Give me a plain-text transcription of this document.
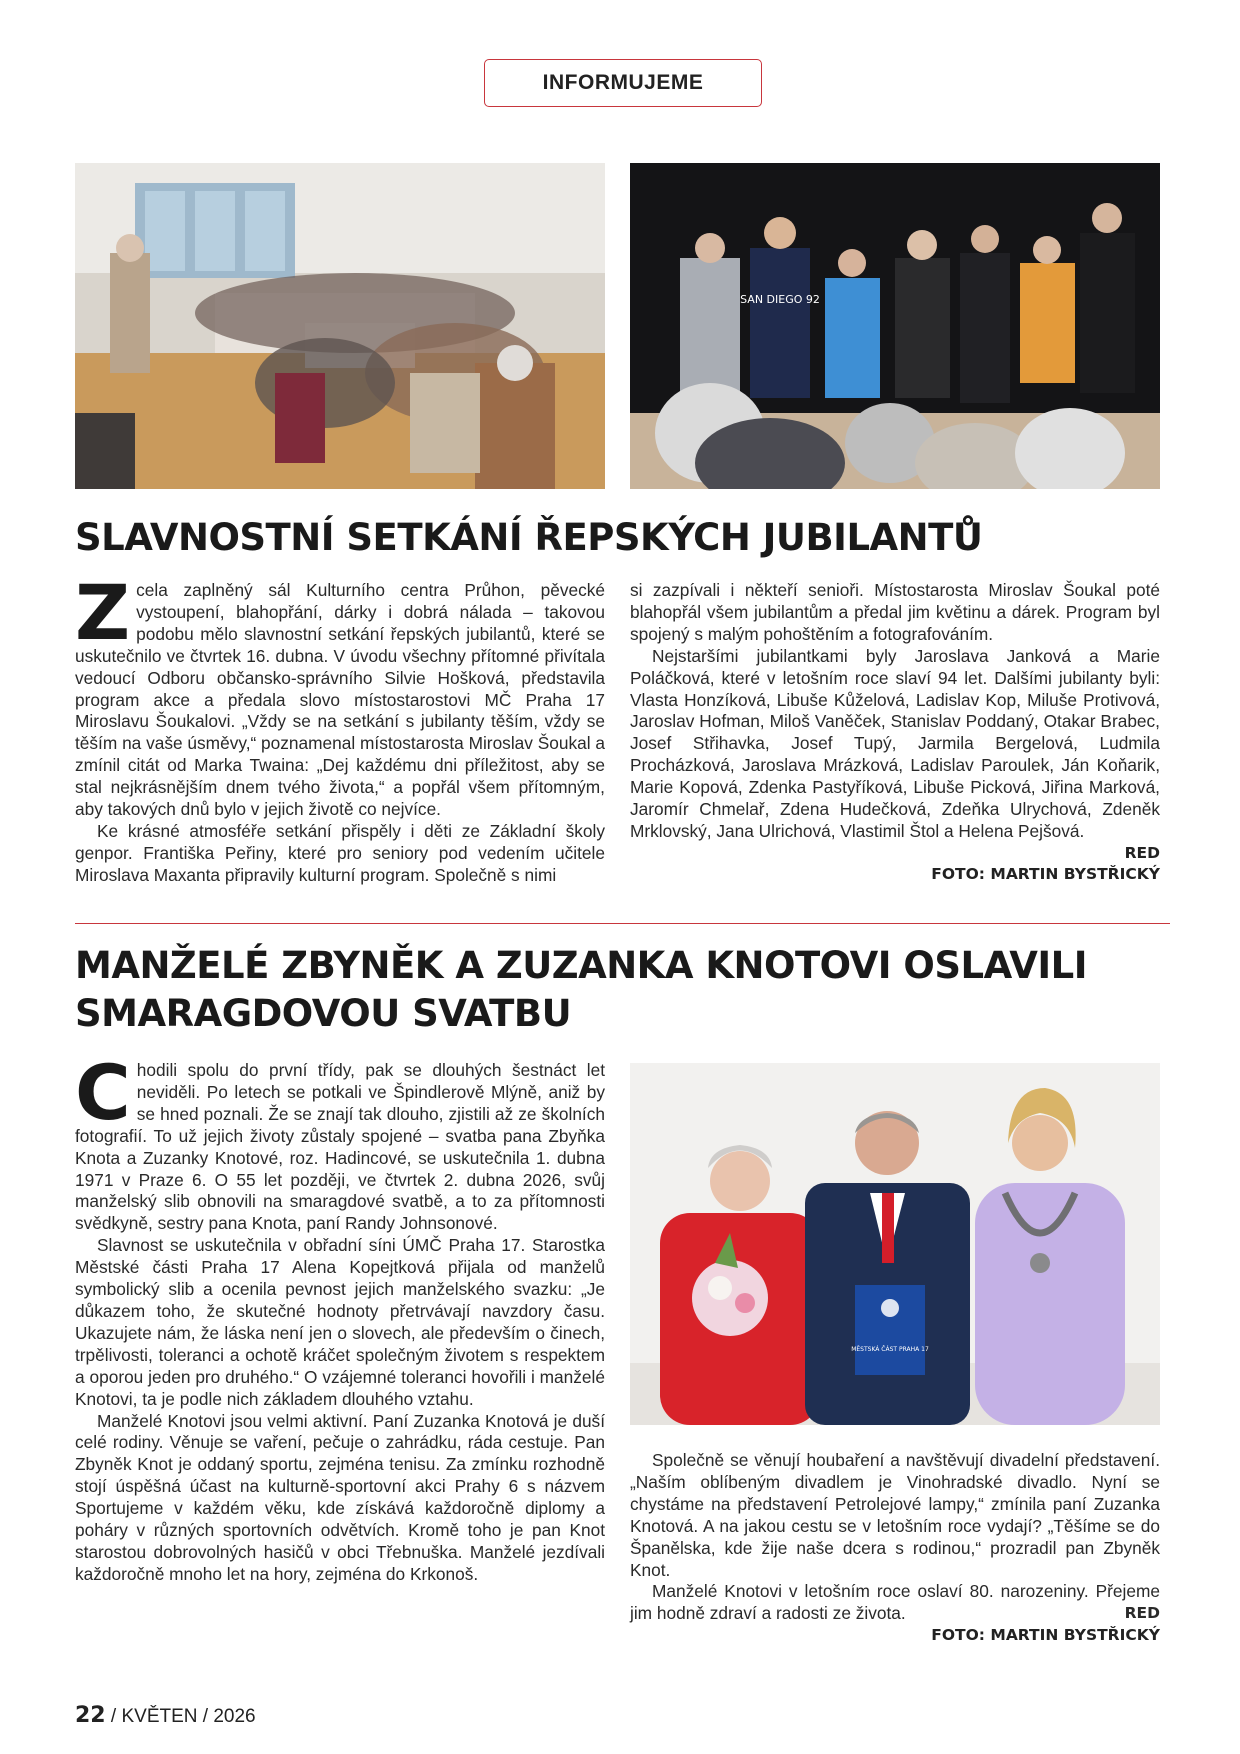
INFORMUJEME
SAN DIEGO 92
SLAVNOSTNÍ SETKÁNÍ ŘEPSKÝCH JUBILANTŮ

Zcela zaplněný sál Kulturního centra Průhon, pěvecké vystoupení, blahopřání, dárky i dobrá nálada – takovou podobu mělo slavnostní setkání řepských jubilantů, které se uskutečnilo ve čtvrtek 16. dubna. V úvodu všechny přítomné přivítala vedoucí Odboru občansko-správního Silvie Hošková, představila program akce a předala slovo místostarostovi MČ Praha 17 Miroslavu Šoukalovi. „Vždy se na setkání s jubilanty těším, vždy se těším na vaše úsměvy,“ poznamenal místostarosta Miroslav Šoukal a zmínil citát od Marka Twaina: „Dej každému dni příležitost, aby se stal nejkrásnějším dnem tvého života,“ a popřál všem přítomným, aby takových dnů bylo v jejich životě co nejvíce.

Ke krásné atmosféře setkání přispěly i děti ze Základní školy genpor. Františka Peřiny, které pro seniory pod vedením učitele Miroslava Maxanta připravily kulturní program. Společně s nimi

si zazpívali i někteří senioři. Místostarosta Miroslav Šoukal poté blahopřál všem jubilantům a předal jim květinu a dárek. Program byl spojený s malým pohoštěním a fotografováním.

Nejstaršími jubilantkami byly Jaroslava Janková a Marie Poláčková, které v letošním roce slaví 94 let. Dalšími jubilanty byli: Vlasta Honzíková, Libuše Kůželová, Ladislav Kop, Miluše Protivová, Jaroslav Hofman, Miloš Vaněček, Stanislav Poddaný, Otakar Brabec, Josef Střihavka, Josef Tupý, Jarmila Bergelová, Ludmila Procházková, Jaroslava Mrázková, Ladislav Paroulek, Ján Koňarik, Marie Kopová, Zdenka Pastyříková, Libuše Picková, Jiřina Marková, Jaromír Chmelař, Zdena Hudečková, Zdeňka Ulrychová, Zdeněk Mrklovský, Jana Ulrichová, Vlastimil Štol a Helena Pejšová.

RED
FOTO: MARTIN BYSTŘICKÝ
MANŽELÉ ZBYNĚK A ZUZANKA KNOTOVI OSLAVILI
SMARAGDOVOU SVATBU

Chodili spolu do první třídy, pak se dlouhých šestnáct let neviděli. Po letech se potkali ve Špindlerově Mlýně, aniž by se hned poznali. Že se znají tak dlouho, zjistili až ze školních fotografií. To už jejich životy zůstaly spojené – svatba pana Zbyňka Knota a Zuzanky Knotové, roz. Hadincové, se uskutečnila 1. dubna 1971 v Praze 6. O 55 let později, ve čtvrtek 2. dubna 2026, svůj manželský slib obnovili na smaragdové svatbě, a to za přítomnosti svědkyně, sestry pana Knota, paní Randy Johnsonové.

Slavnost se uskutečnila v obřadní síni ÚMČ Praha 17. Starostka Městské části Praha 17 Alena Kopejtková přijala od manželů symbolický slib a ocenila pevnost jejich manželského svazku: „Je důkazem toho, že skutečné hodnoty přetrvávají navzdory času. Ukazujete nám, že láska není jen o slovech, ale především o činech, trpělivosti, toleranci a ochotě kráčet společným životem s respektem a oporou jeden pro druhého.“ O vzájemné toleranci hovořili i manželé Knotovi, ta je podle nich základem dlouhého vztahu.

Manželé Knotovi jsou velmi aktivní. Paní Zuzanka Knotová je duší celé rodiny. Věnuje se vaření, pečuje o zahrádku, ráda cestuje. Pan Zbyněk Knot je oddaný sportu, zejména tenisu. Za zmínku rozhodně stojí úspěšná účast na kulturně-sportovní akci Prahy 6 s názvem Sportujeme v každém věku, kde získává každoročně diplomy a poháry v různých sportovních odvětvích. Kromě toho je pan Knot starostou dobrovolných hasičů v obci Třebnuška. Manželé jezdívali každoročně mnoho let na hory, zejména do Krkonoš.

MĚSTSKÁ ČÁST PRAHA 17

Společně se věnují houbaření a navštěvují divadelní představení. „Naším oblíbeným divadlem je Vinohradské divadlo. Nyní se chystáme na představení Petrolejové lampy,“ zmínila paní Zuzanka Knotová. A na jakou cestu se v letošním roce vydají? „Těšíme se do Španělska, kde žije naše dcera s rodinou,“ prozradil pan Zbyněk Knot.

Manželé Knotovi v letošním roce oslaví 80. narozeniny. Přejeme jim hodně zdraví a radosti ze života.	RED

FOTO: MARTIN BYSTŘICKÝ
22 / KVĚTEN / 2026
